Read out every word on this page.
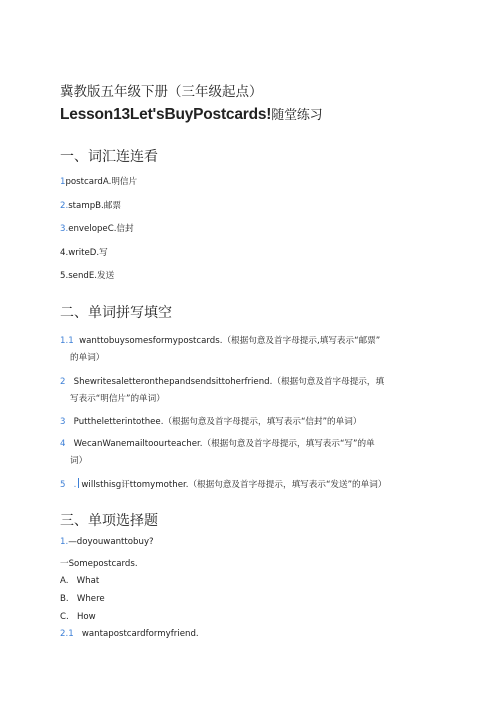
冀教版五年级下册（三年级起点）
Lesson13Let'sBuyPostcards!随堂练习
一、词汇连连看
1postcardA.明信片
2.stampB.邮票
3.envelopeC.信封
4.writeD.写
5.sendE.发送
二、单词拼写填空
1.1 wanttobuysomesformypostcards.（根据句意及首字母提示,填写表示“邮票”
的单词）
2 Shewritesaletteronthepandsendsittoherfriend.（根据句意及首字母提示，填
写表示“明信片”的单词）
3 Puttheletterintothee.（根据句意及首字母提示，填写表示“信封”的单词）
4 WecanWanemailtoourteacher.（根据句意及首字母提示，填写表示“写”的单
词）
5 . willsthisg讦ttomymother.（根据句意及首字母提示，填写表示“发送”的单词）
三、单项选择题
1.—doyouwanttobuy?
一Somepostcards.
A. What
B. Where
C. How
2.1 wantapostcardformyfriend.
